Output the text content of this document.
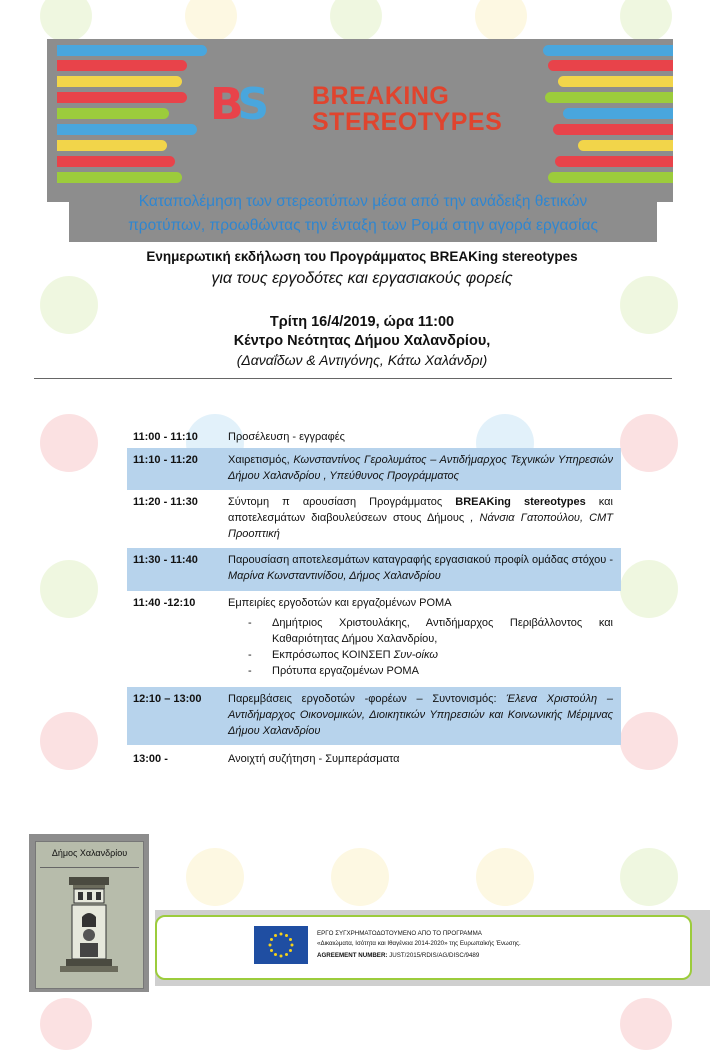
BS BREAKING
STEREOTYPES
Καταπολέμηση των στερεοτύπων μέσα από την ανάδειξη θετικών
προτύπων, προωθώντας την ένταξη των Ρομά στην αγορά εργασίας
Ενημερωτική εκδήλωση του Προγράμματος BREAKing stereotypes
για τους εργοδότες και εργασιακούς φορείς
Τρίτη 16/4/2019, ώρα 11:00
Κέντρο Νεότητας Δήμου Χαλανδρίου,
(Δαναΐδων & Αντιγόνης, Κάτω Χαλάνδρι)
11:00 - 11:10	Προσέλευση - εγγραφές
11:10 - 11:20	Χαιρετισμός, Κωνσταντίνος Γερολυμάτος – Αντιδήμαρχος Τεχνικών Υπηρεσιών Δήμου Χαλανδρίου , Υπεύθυνος Προγράμματος
11:20 - 11:30	Σύντομη π αρουσίαση Προγράμματος BREAKing stereotypes και αποτελεσμάτων διαβουλεύσεων στους Δήμους , Νάνσια Γατοπούλου, CMT Προοπτική
11:30 - 11:40	Παρουσίαση αποτελεσμάτων καταγραφής εργασιακού προφίλ ομάδας στόχου - Μαρίνα Κωνσταντινίδου, Δήμος Χαλανδρίου
11:40 -12:10	Εμπειρίες εργοδοτών και εργαζομένων ΡΟΜΑ
- Δημήτριος Χριστουλάκης, Αντιδήμαρχος Περιβάλλοντος και Καθαριότητας Δήμου Χαλανδρίου,
- Εκπρόσωπος ΚΟΙΝΣΕΠ Συν-οίκω
- Πρότυπα εργαζομένων ΡΟΜΑ
12:10 – 13:00	Παρεμβάσεις εργοδοτών -φορέων – Συντονισμός: Έλενα Χριστούλη – Αντιδήμαρχος Οικονομικών, Διοικητικών Υπηρεσιών και Κοινωνικής Μέριμνας Δήμου Χαλανδρίου
13:00 -	Ανοιχτή συζήτηση - Συμπεράσματα
Δήμος Χαλανδρίου
ΕΡΓΟ ΣΥΓΧΡΗΜΑΤΟΔΟΤΟΥΜΕΝΟ ΑΠΟ ΤΟ ΠΡΟΓΡΑΜΜΑ
«Δικαιώματα, Ισότητα και Ιθαγένεια 2014-2020» της Ευρωπαϊκής Ένωσης.
AGREEMENT NUMBER: JUST/2015/RDIS/AG/DISC/9489
